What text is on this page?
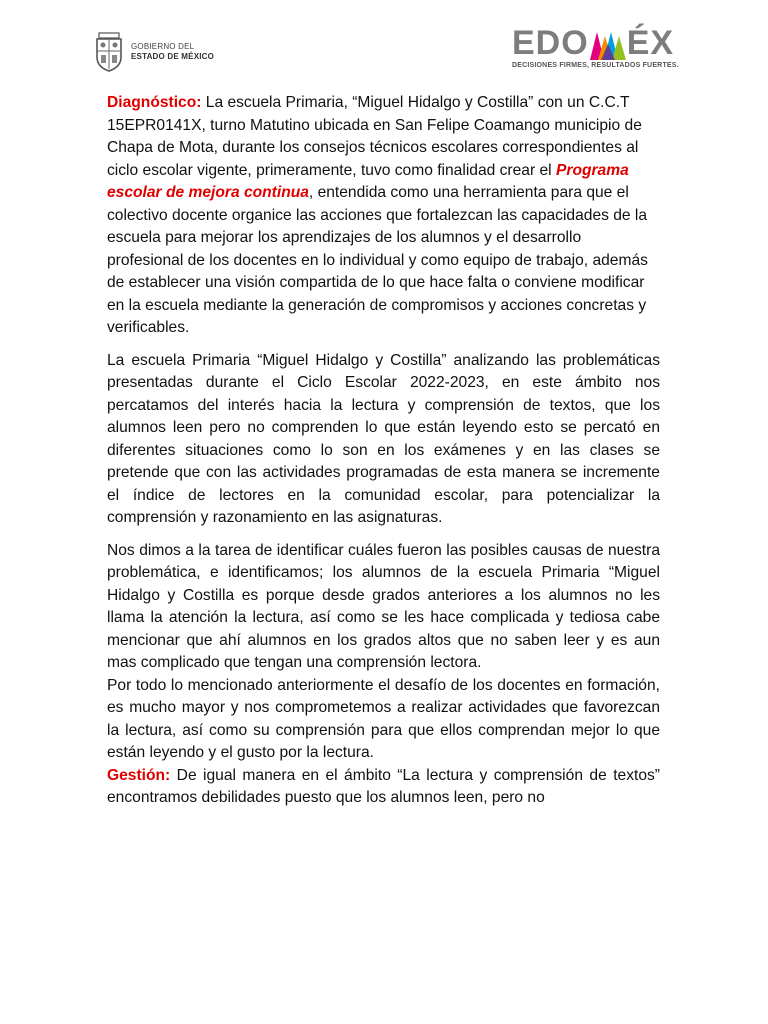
GOBIERNO DEL
ESTADO DE MÉXICO	EDO ÉX
DECISIONES FIRMES, RESULTADOS FUERTES.

Diagnóstico: La escuela Primaria, “Miguel Hidalgo y Costilla” con un C.C.T 15EPR0141X, turno Matutino ubicada en San Felipe Coamango municipio de Chapa de Mota, durante los consejos técnicos escolares correspondientes al ciclo escolar vigente, primeramente, tuvo como finalidad crear el Programa escolar de mejora continua, entendida como una herramienta para que el colectivo docente organice las acciones que fortalezcan las capacidades de la escuela para mejorar los aprendizajes de los alumnos y el desarrollo profesional de los docentes en lo individual y como equipo de trabajo, además de establecer una visión compartida de lo que hace falta o conviene modificar en la escuela mediante la generación de compromisos y acciones concretas y verificables.

La escuela Primaria “Miguel Hidalgo y Costilla” analizando las problemáticas presentadas durante el Ciclo Escolar 2022-2023, en este ámbito nos percatamos del interés hacia la lectura y comprensión de textos, que los alumnos leen pero no comprenden lo que están leyendo esto se percató en diferentes situaciones como lo son en los exámenes y en las clases se pretende que con las actividades programadas de esta manera se incremente el índice de lectores en la comunidad escolar, para potencializar la comprensión y razonamiento en las asignaturas.

Nos dimos a la tarea de identificar cuáles fueron las posibles causas de nuestra problemática, e identificamos; los alumnos de la escuela Primaria “Miguel Hidalgo y Costilla es porque desde grados anteriores a los alumnos no les llama la atención la lectura, así como se les hace complicada y tediosa cabe mencionar que ahí alumnos en los grados altos que no saben leer y es aun mas complicado que tengan una comprensión lectora.

Por todo lo mencionado anteriormente el desafío de los docentes en formación, es mucho mayor y nos comprometemos a realizar actividades que favorezcan la lectura, así como su comprensión para que ellos comprendan mejor lo que están leyendo y el gusto por la lectura.

Gestión: De igual manera en el ámbito “La lectura y comprensión de textos” encontramos debilidades puesto que los alumnos leen, pero no
